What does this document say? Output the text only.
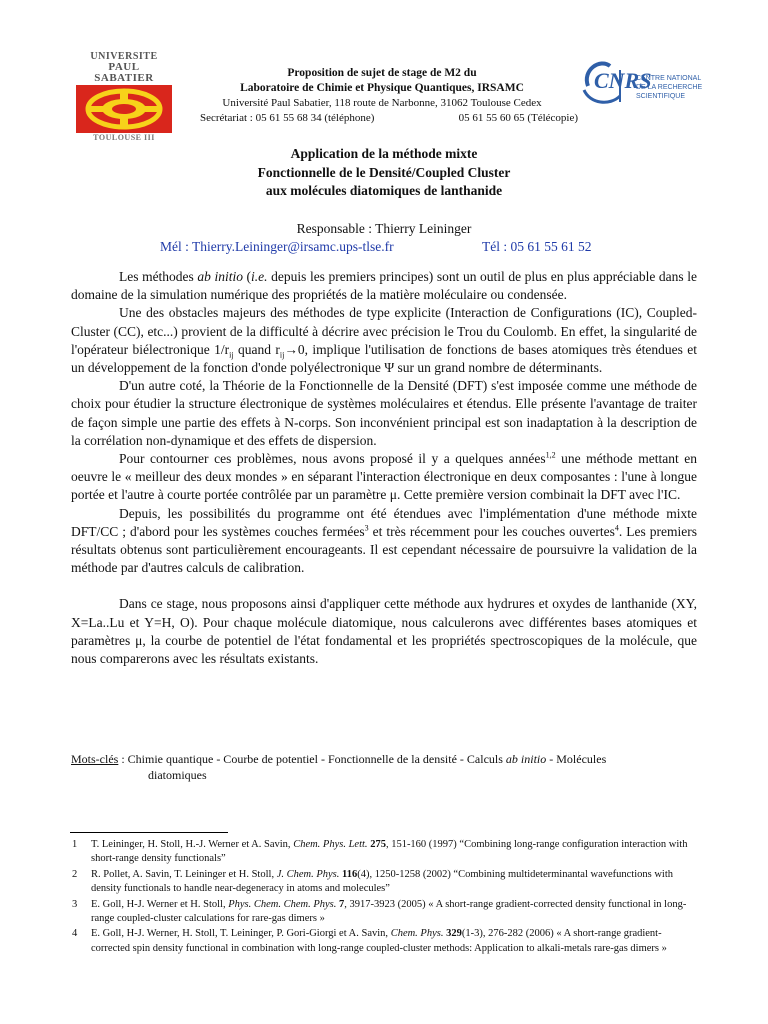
UNIVERSITE
PAUL
SABATIER
TOULOUSE III
CNRS
CENTRE NATIONAL
DE LA RECHERCHE
SCIENTIFIQUE
Proposition de sujet de stage de M2 du
Laboratoire de Chimie et Physique Quantiques, IRSAMC
Université Paul Sabatier, 118 route de Narbonne, 31062 Toulouse Cedex
Secrétariat : 05 61 55 68 34 (téléphone)	05 61 55 60 65 (Télécopie)
Application de la méthode mixte
Fonctionnelle de le Densité/Coupled Cluster
aux molécules diatomiques de lanthanide
Responsable : Thierry Leininger
Mél : Thierry.Leininger@irsamc.ups-tlse.fr	Tél : 05 61 55 61 52

Les méthodes ab initio (i.e. depuis les premiers principes) sont un outil de plus en plus appréciable dans le domaine de la simulation numérique des propriétés de la matière moléculaire ou condensée.

Une des obstacles majeurs des méthodes de type explicite (Interaction de Configurations (IC), Coupled-Cluster (CC), etc...) provient de la difficulté à décrire avec précision le Trou du Coulomb. En effet, la singularité de l'opérateur biélectronique $1/r_{ij}$ quand $r_{ij}\to 0$, implique l'utilisation de fonctions de bases atomiques très étendues et un développement de la fonction d'onde polyélectronique Ψ sur un grand nombre de déterminants.

D'un autre coté, la Théorie de la Fonctionnelle de la Densité (DFT) s'est imposée comme une méthode de choix pour étudier la structure électronique de systèmes moléculaires et étendus. Elle présente l'avantage de traiter de façon simple une partie des effets à N-corps. Son inconvénient principal est son inadaptation à la description de la corrélation non-dynamique et des effets de dispersion.

Pour contourner ces problèmes, nous avons proposé il y a quelques années$^{1,2}$ une méthode mettant en oeuvre le « meilleur des deux mondes » en séparant l'interaction électronique en deux composantes : l'une à longue portée et l'autre à courte portée contrôlée par un paramètre μ. Cette première version combinait la DFT avec l'IC.

Depuis, les possibilités du programme ont été étendues avec l'implémentation d'une méthode mixte DFT/CC ; d'abord pour les systèmes couches fermées$^3$ et très récemment pour les couches ouvertes$^4$. Les premiers résultats obtenus sont particulièrement encourageants. Il est cependant nécessaire de poursuivre la validation de la méthode par d'autres calculs de calibration.

Dans ce stage, nous proposons ainsi d'appliquer cette méthode aux hydrures et oxydes de lanthanide (XY, X=La..Lu et Y=H, O). Pour chaque molécule diatomique, nous calculerons avec différentes bases atomiques et paramètres μ, la courbe de potentiel de l'état fondamental et les propriétés spectroscopiques de la molécule, que nous comparerons avec les résultats existants.

Mots-clés : Chimie quantique - Courbe de potentiel - Fonctionnelle de la densité - Calculs ab initio - Molécules
diatomiques
1 T. Leininger, H. Stoll, H.-J. Werner et A. Savin, Chem. Phys. Lett. 275, 151-160 (1997) “Combining long-range configuration interaction with short-range density functionals”
2 R. Pollet, A. Savin, T. Leininger et H. Stoll, J. Chem. Phys. 116(4), 1250-1258 (2002) “Combining multideterminantal wavefunctions with density functionals to handle near-degeneracy in atoms and molecules”
3 E. Goll, H-J. Werner et H. Stoll, Phys. Chem. Chem. Phys. 7, 3917-3923 (2005) « A short-range gradient-corrected density functional in long-range coupled-cluster calculations for rare-gas dimers »
4 E. Goll, H-J. Werner, H. Stoll, T. Leininger, P. Gori-Giorgi et A. Savin, Chem. Phys. 329(1-3), 276-282 (2006) « A short-range gradient-corrected spin density functional in combination with long-range coupled-cluster methods: Application to alkali-metals rare-gas dimers »
